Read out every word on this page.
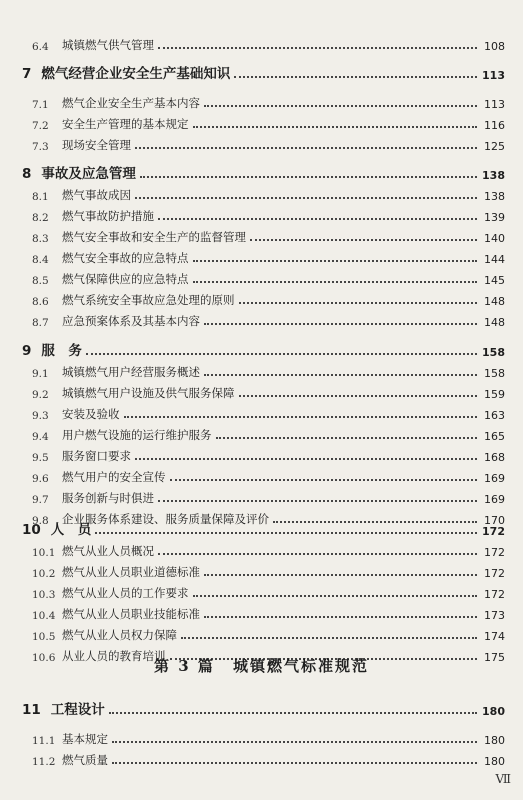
6.4	城镇燃气供气管理	108
7 燃气经营企业安全生产基础知识	113
7.1	燃气企业安全生产基本内容	113
7.2	安全生产管理的基本规定	116
7.3	现场安全管理	125
8 事故及应急管理	138
8.1	燃气事故成因	138
8.2	燃气事故防护措施	139
8.3	燃气安全事故和安全生产的监督管理	140
8.4	燃气安全事故的应急特点	144
8.5	燃气保障供应的应急特点	145
8.6	燃气系统安全事故应急处理的原则	148
8.7	应急预案体系及其基本内容	148
9 服　务	158
9.1	城镇燃气用户经营服务概述	158
9.2	城镇燃气用户设施及供气服务保障	159
9.3	安装及验收	163
9.4	用户燃气设施的运行维护服务	165
9.5	服务窗口要求	168
9.6	燃气用户的安全宣传	169
9.7	服务创新与时俱进	169
9.8	企业服务体系建设、服务质量保障及评价	170
10 人　员	172
10.1 燃气从业人员概况	172
10.2 燃气从业人员职业道德标准	172
10.3 燃气从业人员的工作要求	172
10.4 燃气从业人员职业技能标准	173
10.5 燃气从业人员权力保障	174
10.6 从业人员的教育培训	175
11 工程设计	180
11.1 基本规定	180
11.2 燃气质量	180
第 3 篇 城镇燃气标准规范
Ⅶ
